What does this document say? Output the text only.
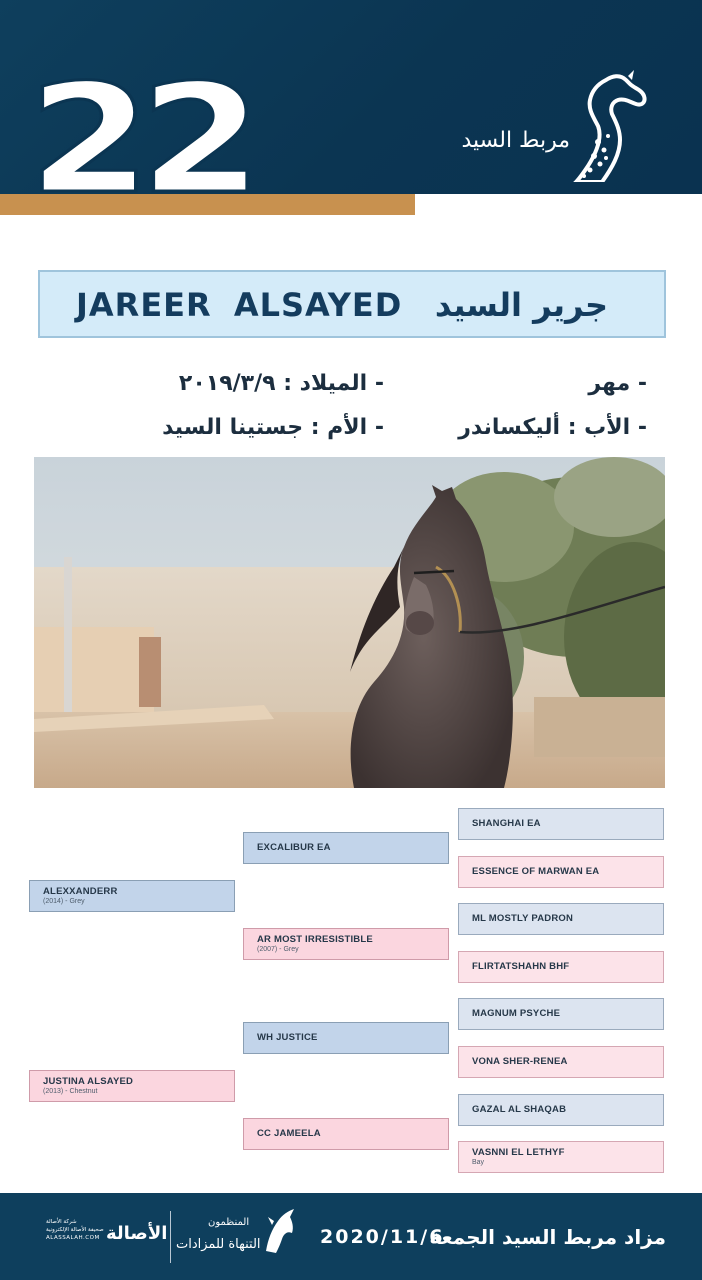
مربط السيد
22
JAREER ALSAYED جرير السيد
- مهر
- الميلاد : ٢٠١٩/٣/٩
- الأب : أليكساندر
- الأم : جستينا السيد
ALEXXANDERR
(2014) - Grey
JUSTINA ALSAYED
(2013) - Chestnut
EXCALIBUR EA
AR MOST IRRESISTIBLE
(2007) - Grey
WH JUSTICE
CC JAMEELA
SHANGHAI EA
ESSENCE OF MARWAN EA
ML MOSTLY PADRON
FLIRTATSHAHN BHF
MAGNUM PSYCHE
VONA SHER-RENEA
GAZAL AL SHAQAB
VASNNI EL LETHYF
Bay
مزاد مربط السيد الجمعة
2020/11/6
شركة الأصالة
صحيفة الأصالة الإلكترونية
ALASSALAH.COM الأصالة
المنظمون
التنهاة للمزادات
